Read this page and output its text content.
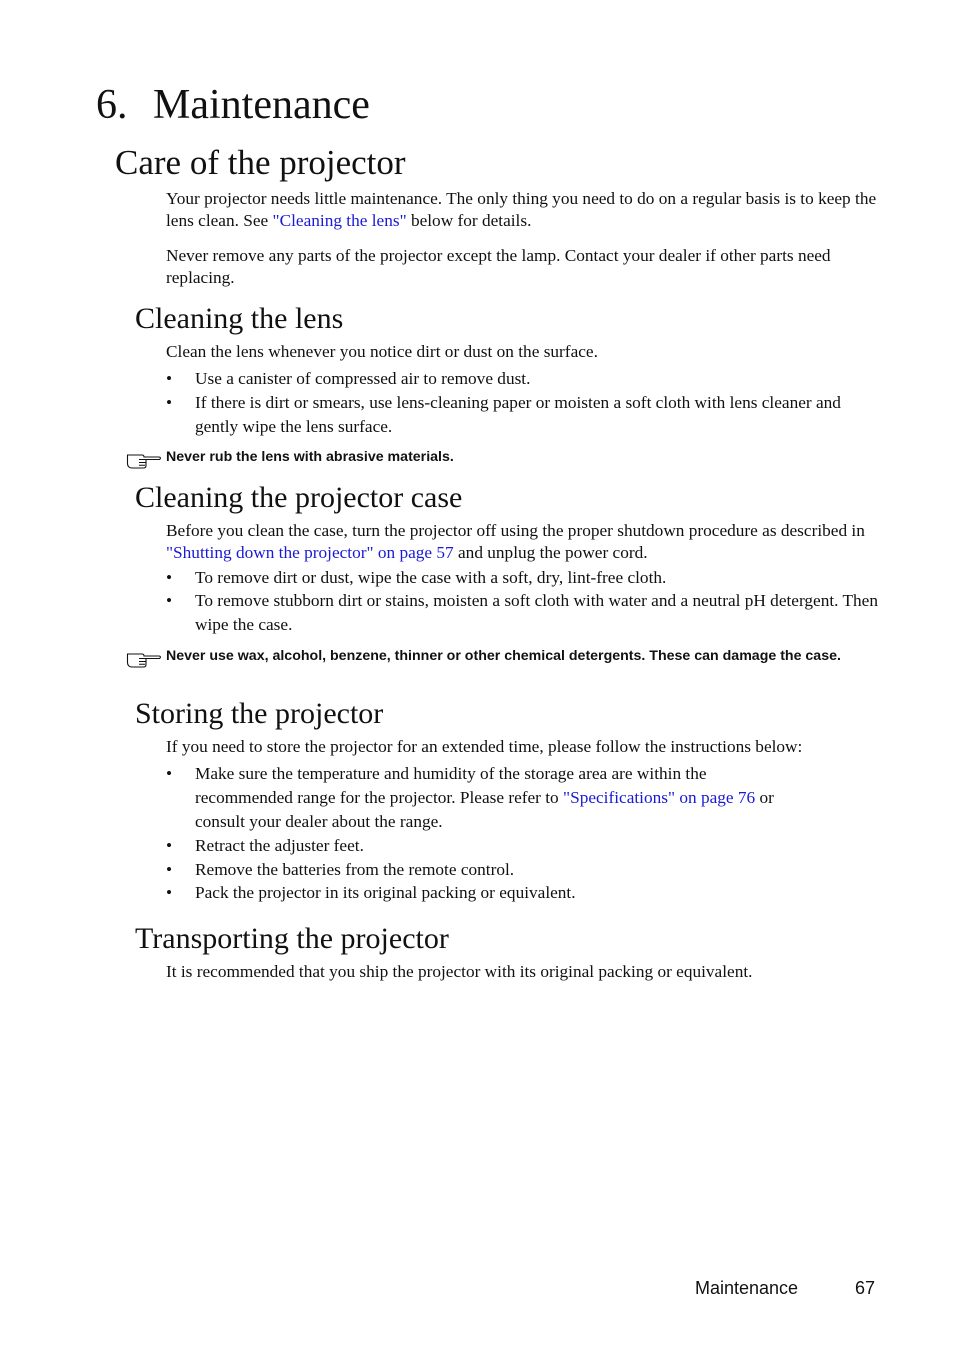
6. Maintenance
Care of the projector
Your projector needs little maintenance. The only thing you need to do on a regular basis is to keep the lens clean. See "Cleaning the lens" below for details.
Never remove any parts of the projector except the lamp. Contact your dealer if other parts need replacing.
Cleaning the lens
Clean the lens whenever you notice dirt or dust on the surface.
•	Use a canister of compressed air to remove dust.
•	If there is dirt or smears, use lens-cleaning paper or moisten a soft cloth with lens cleaner and gently wipe the lens surface.
Never rub the lens with abrasive materials.
Cleaning the projector case
Before you clean the case, turn the projector off using the proper shutdown procedure as described in "Shutting down the projector" on page 57 and unplug the power cord.
•	To remove dirt or dust, wipe the case with a soft, dry, lint-free cloth.
•	To remove stubborn dirt or stains, moisten a soft cloth with water and a neutral pH detergent. Then wipe the case.
Never use wax, alcohol, benzene, thinner or other chemical detergents. These can damage the case.
Storing the projector
If you need to store the projector for an extended time, please follow the instructions below:
•	Make sure the temperature and humidity of the storage area are within the recommended range for the projector. Please refer to "Specifications" on page 76 or consult your dealer about the range.
•	Retract the adjuster feet.
•	Remove the batteries from the remote control.
•	Pack the projector in its original packing or equivalent.
Transporting the projector
It is recommended that you ship the projector with its original packing or equivalent.
Maintenance	67
